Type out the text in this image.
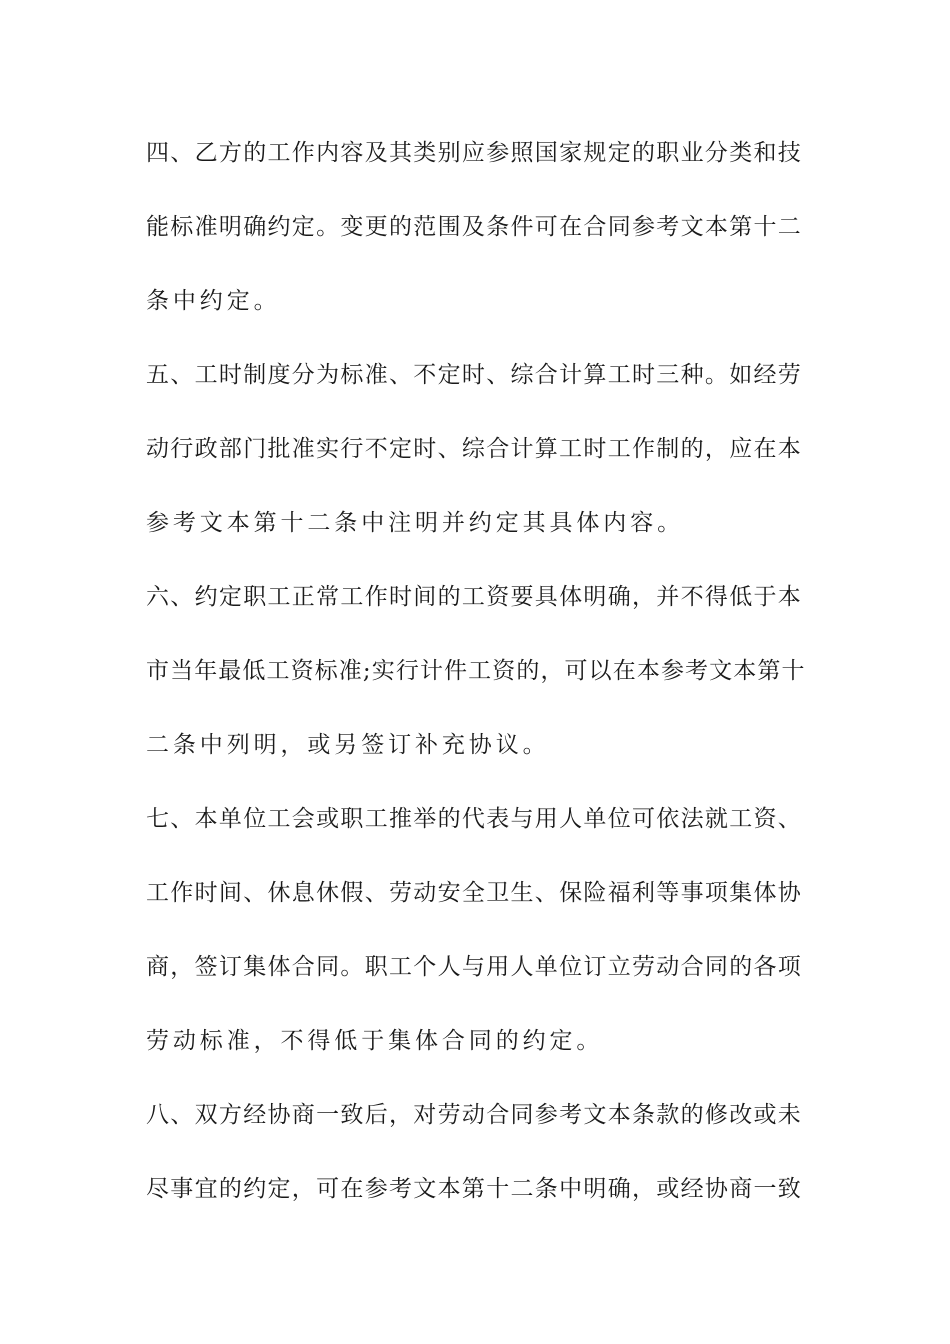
四、乙方的工作内容及其类别应参照国家规定的职业分类和技
能标准明确约定。变更的范围及条件可在合同参考文本第十二
条中约定。
五、工时制度分为标准、不定时、综合计算工时三种。如经劳
动行政部门批准实行不定时、综合计算工时工作制的，应在本
参考文本第十二条中注明并约定其具体内容。
六、约定职工正常工作时间的工资要具体明确，并不得低于本
市当年最低工资标准;实行计件工资的，可以在本参考文本第十
二条中列明，或另签订补充协议。
七、本单位工会或职工推举的代表与用人单位可依法就工资、
工作时间、休息休假、劳动安全卫生、保险福利等事项集体协
商，签订集体合同。职工个人与用人单位订立劳动合同的各项
劳动标准，不得低于集体合同的约定。
八、双方经协商一致后，对劳动合同参考文本条款的修改或未
尽事宜的约定，可在参考文本第十二条中明确，或经协商一致
